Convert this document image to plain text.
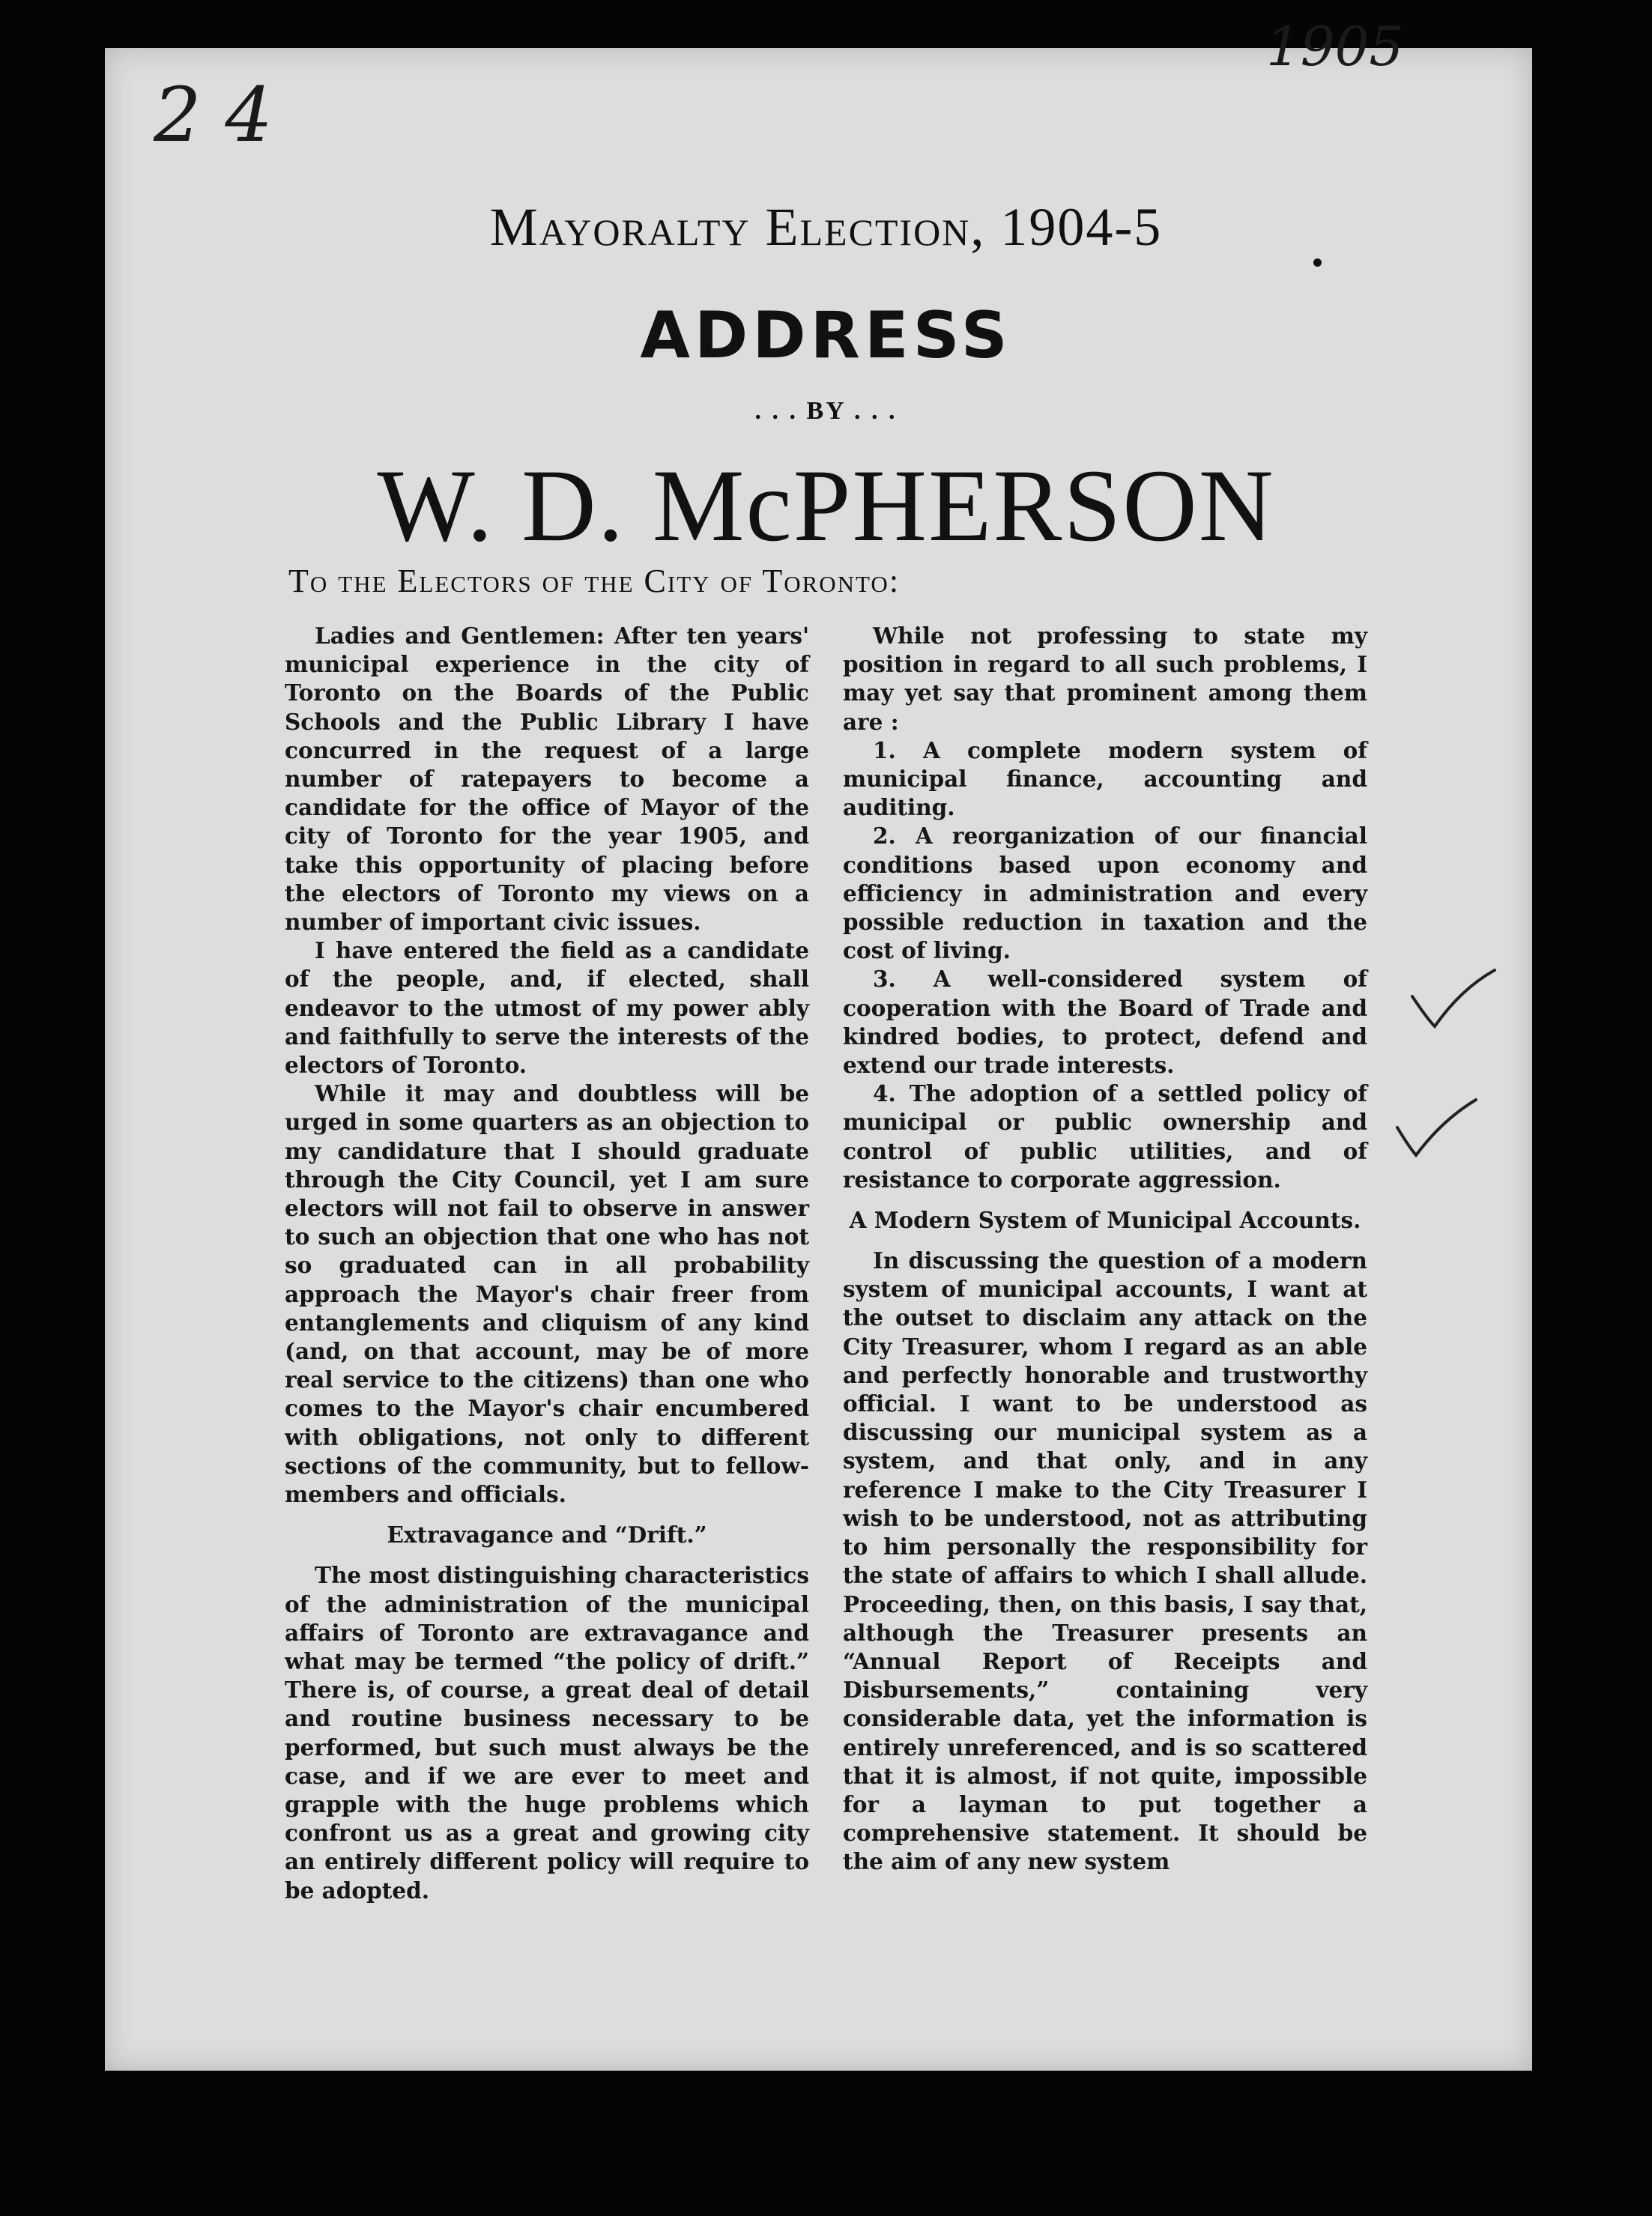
2 4
1905
Mayoralty Election, 1904-5
ADDRESS
. . . BY . . .
W. D. McPHERSON
To the Electors of the City of Toronto:

Ladies and Gentlemen: After ten years' municipal experience in the city of Toronto on the Boards of the Public Schools and the Public Library I have concurred in the request of a large number of ratepayers to become a candidate for the office of Mayor of the city of Toronto for the year 1905, and take this opportunity of placing before the electors of Toronto my views on a number of important civic issues.

I have entered the field as a candidate of the people, and, if elected, shall endeavor to the utmost of my power ably and faithfully to serve the interests of the electors of Toronto.

While it may and doubtless will be urged in some quarters as an objection to my candidature that I should graduate through the City Council, yet I am sure electors will not fail to observe in answer to such an objection that one who has not so graduated can in all probability approach the Mayor's chair freer from entanglements and cliquism of any kind (and, on that account, may be of more real service to the citizens) than one who comes to the Mayor's chair encumbered with obligations, not only to different sections of the community, but to fellow-members and officials.

Extravagance and “Drift.”

The most distinguishing characteristics of the administration of the municipal affairs of Toronto are extravagance and what may be termed “the policy of drift.” There is, of course, a great deal of detail and routine business necessary to be performed, but such must always be the case, and if we are ever to meet and grapple with the huge problems which confront us as a great and growing city an entirely different policy will require to be adopted.

While not professing to state my position in regard to all such problems, I may yet say that prominent among them are :

1. A complete modern system of municipal finance, accounting and auditing.

2. A reorganization of our financial conditions based upon economy and efficiency in administration and every possible reduction in taxation and the cost of living.

3. A well-considered system of cooperation with the Board of Trade and kindred bodies, to protect, defend and extend our trade interests.

4. The adoption of a settled policy of municipal or public ownership and control of public utilities, and of resistance to corporate aggression.

A Modern System of Municipal Accounts.

In discussing the question of a modern system of municipal accounts, I want at the outset to disclaim any attack on the City Treasurer, whom I regard as an able and perfectly honorable and trustworthy official. I want to be understood as discussing our municipal system as a system, and that only, and in any reference I make to the City Treasurer I wish to be understood, not as attributing to him personally the responsibility for the state of affairs to which I shall allude. Proceeding, then, on this basis, I say that, although the Treasurer presents an “Annual Report of Receipts and Disbursements,” containing very considerable data, yet the information is entirely unreferenced, and is so scattered that it is almost, if not quite, impossible for a layman to put together a comprehensive statement. It should be the aim of any new system
